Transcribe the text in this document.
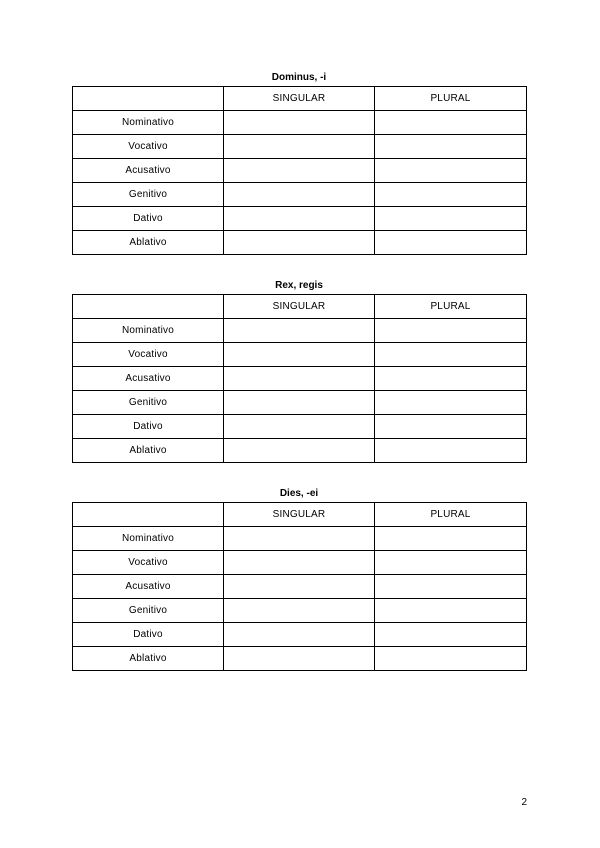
Dominus, -i
	SINGULAR	PLURAL
Nominativo		
Vocativo		
Acusativo		
Genitivo		
Dativo		
Ablativo		
Rex, regis
	SINGULAR	PLURAL
Nominativo		
Vocativo		
Acusativo		
Genitivo		
Dativo		
Ablativo		
Dies, -ei
	SINGULAR	PLURAL
Nominativo		
Vocativo		
Acusativo		
Genitivo		
Dativo		
Ablativo		
2
